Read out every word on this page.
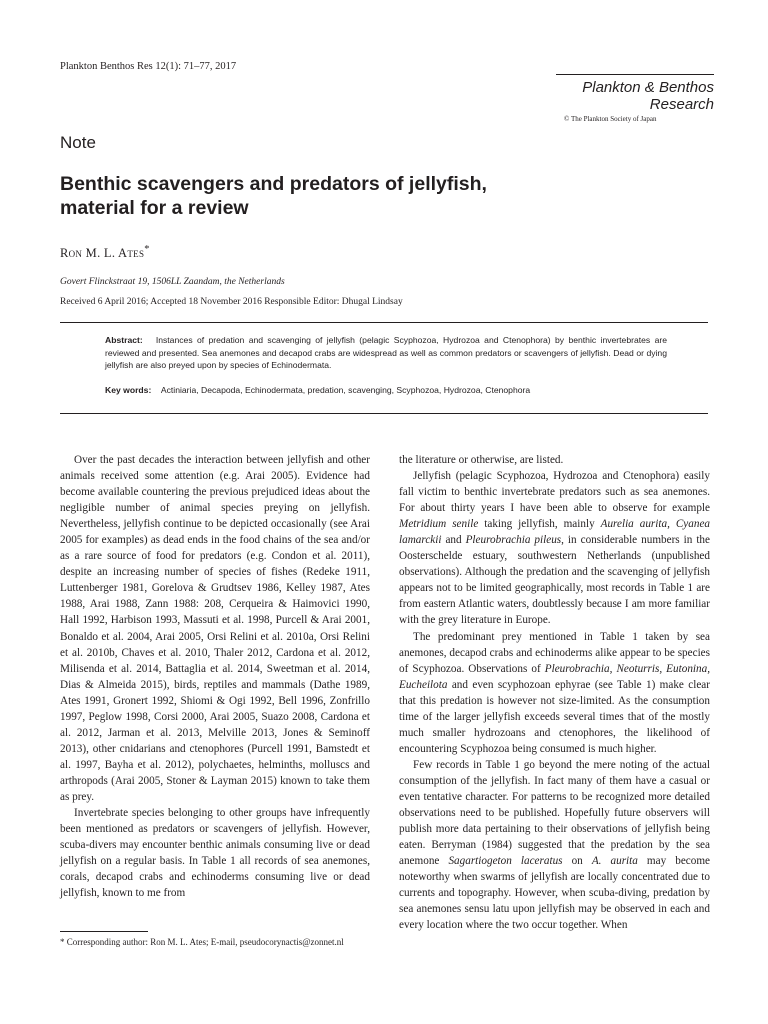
Plankton Benthos Res 12(1): 71–77, 2017
Plankton & Benthos
Research
© The Plankton Society of Japan
Note
Benthic scavengers and predators of jellyfish,
material for a review
Ron M. L. Ates*
Govert Flinckstraat 19, 1506LL Zaandam, the Netherlands
Received 6 April 2016; Accepted 18 November 2016 Responsible Editor: Dhugal Lindsay

Abstract: Instances of predation and scavenging of jellyfish (pelagic Scyphozoa, Hydrozoa and Ctenophora) by benthic invertebrates are reviewed and presented. Sea anemones and decapod crabs are widespread as well as common predators or scavengers of jellyfish. Dead or dying jellyfish are also preyed upon by species of Echinodermata.

Key words: Actiniaria, Decapoda, Echinodermata, predation, scavenging, Scyphozoa, Hydrozoa, Ctenophora

Over the past decades the interaction between jellyfish and other animals received some attention (e.g. Arai 2005). Evidence had become available countering the previous prejudiced ideas about the negligible number of animal species preying on jellyfish. Nevertheless, jellyfish continue to be depicted occasionally (see Arai 2005 for examples) as dead ends in the food chains of the sea and/or as a rare source of food for predators (e.g. Condon et al. 2011), despite an increasing number of species of fishes (Redeke 1911, Luttenberger 1981, Gorelova & Grudtsev 1986, Kelley 1987, Ates 1988, Arai 1988, Zann 1988: 208, Cerqueira & Haimovici 1990, Hall 1992, Harbison 1993, Massuti et al. 1998, Purcell & Arai 2001, Bonaldo et al. 2004, Arai 2005, Orsi Relini et al. 2010a, Orsi Relini et al. 2010b, Chaves et al. 2010, Thaler 2012, Cardona et al. 2012, Milisenda et al. 2014, Battaglia et al. 2014, Sweetman et al. 2014, Dias & Almeida 2015), birds, reptiles and mammals (Dathe 1989, Ates 1991, Gronert 1992, Shiomi & Ogi 1992, Bell 1996, Zonfrillo 1997, Peglow 1998, Corsi 2000, Arai 2005, Suazo 2008, Cardona et al. 2012, Jarman et al. 2013, Melville 2013, Jones & Seminoff 2013), other cnidarians and ctenophores (Purcell 1991, Bamstedt et al. 1997, Bayha et al. 2012), polychaetes, helminths, molluscs and arthropods (Arai 2005, Stoner & Layman 2015) known to take them as prey.

Invertebrate species belonging to other groups have infrequently been mentioned as predators or scavengers of jellyfish. However, scuba-divers may encounter benthic animals consuming live or dead jellyfish on a regular basis. In Table 1 all records of sea anemones, corals, decapod crabs and echinoderms consuming live or dead jellyfish, known to me from

the literature or otherwise, are listed.

Jellyfish (pelagic Scyphozoa, Hydrozoa and Ctenophora) easily fall victim to benthic invertebrate predators such as sea anemones. For about thirty years I have been able to observe for example Metridium senile taking jellyfish, mainly Aurelia aurita, Cyanea lamarckii and Pleurobrachia pileus, in considerable numbers in the Oosterschelde estuary, southwestern Netherlands (unpublished observations). Although the predation and the scavenging of jellyfish appears not to be limited geographically, most records in Table 1 are from eastern Atlantic waters, doubtlessly because I am more familiar with the grey literature in Europe.

The predominant prey mentioned in Table 1 taken by sea anemones, decapod crabs and echinoderms alike appear to be species of Scyphozoa. Observations of Pleurobrachia, Neoturris, Eutonina, Eucheilota and even scyphozoan ephyrae (see Table 1) make clear that this predation is however not size-limited. As the consumption time of the larger jellyfish exceeds several times that of the mostly much smaller hydrozoans and ctenophores, the likelihood of encountering Scyphozoa being consumed is much higher.

Few records in Table 1 go beyond the mere noting of the actual consumption of the jellyfish. In fact many of them have a casual or even tentative character. For patterns to be recognized more detailed observations need to be published. Hopefully future observers will publish more data pertaining to their observations of jellyfish being eaten. Berryman (1984) suggested that the predation by the sea anemone Sagartiogeton laceratus on A. aurita may become noteworthy when swarms of jellyfish are locally concentrated due to currents and topography. However, when scuba-diving, predation by sea anemones sensu latu upon jellyfish may be observed in each and every location where the two occur together. When

* Corresponding author: Ron M. L. Ates; E-mail, pseudocorynactis@zonnet.nl
